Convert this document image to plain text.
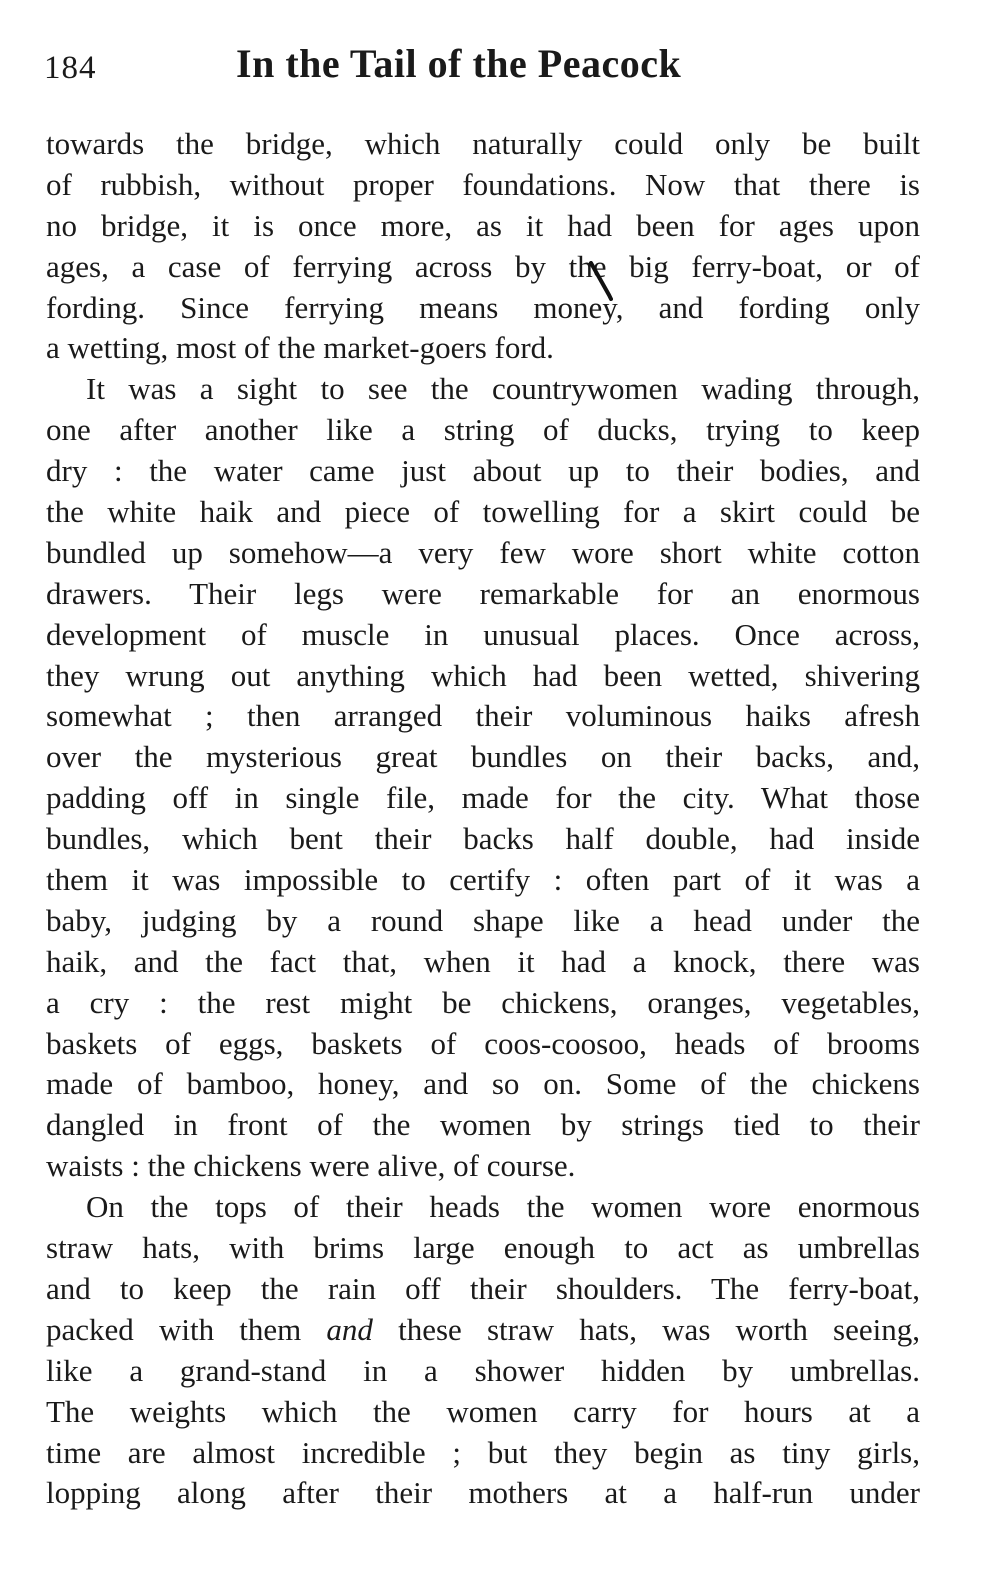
184	In the Tail of the Peacock
towards the bridge, which naturally could only be built
of rubbish, without proper foundations. Now that there is
no bridge, it is once more, as it had been for ages upon
ages, a case of ferrying across by the big ferry-boat, or of
fording. Since ferrying means money, and fording only
a wetting, most of the market-goers ford.
It was a sight to see the countrywomen wading through,
one after another like a string of ducks, trying to keep
dry : the water came just about up to their bodies, and
the white haik and piece of towelling for a skirt could be
bundled up somehow—a very few wore short white cotton
drawers. Their legs were remarkable for an enormous
development of muscle in unusual places. Once across,
they wrung out anything which had been wetted, shivering
somewhat ; then arranged their voluminous haiks afresh
over the mysterious great bundles on their backs, and,
padding off in single file, made for the city. What those
bundles, which bent their backs half double, had inside
them it was impossible to certify : often part of it was a
baby, judging by a round shape like a head under the
haik, and the fact that, when it had a knock, there was
a cry : the rest might be chickens, oranges, vegetables,
baskets of eggs, baskets of coos-coosoo, heads of brooms
made of bamboo, honey, and so on. Some of the chickens
dangled in front of the women by strings tied to their
waists : the chickens were alive, of course.
On the tops of their heads the women wore enormous
straw hats, with brims large enough to act as umbrellas
and to keep the rain off their shoulders. The ferry-boat,
packed with them and these straw hats, was worth seeing,
like a grand-stand in a shower hidden by umbrellas.
The weights which the women carry for hours at a
time are almost incredible ; but they begin as tiny girls,
lopping along after their mothers at a half-run under
